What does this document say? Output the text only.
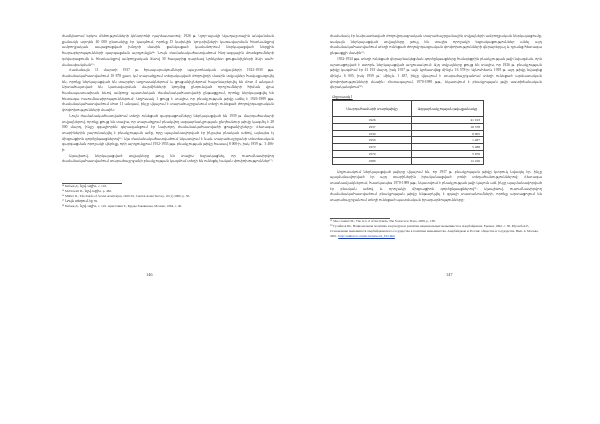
ժամկետում երկու մեծությունների կենտրոնի դարձատառով։ 1926 թ. Կլոր-​այակի Ալադաշտային անվանման քանակն արդեն 40 000 ընտանիք էր կազմում, որոնք D նախկին կո-​լտիվների կառավարման հետևանքով ամբողջական ապացուցված խնդրի մասին ցանկացած կամանորում ներկայացված ներքին հարաբերությունների զարգացման արդյունքն¹⁴։ Նույն ժամանակահատվածում հնդ-ազգային մոտեցումների դժվարացումն և հետևանքով ամբողջական ձևով 30 հազարից դարձավ կոնկրետ ցուցանիշների ձևի սահ-​մանափակման¹⁵։

Համաձայն 11 մարտի 1937 թ. հրապարակումների պաշտոնական տվյալների 1922-1930 թթ. ժամանակահատվածում 10 878 քառ. կմ տարածքում տեղակայված ժողովրդի մասին տվյալներ հավաքագրվել են, որոնք ներկայացված են տարբեր աղյուսակներում և ցուցանիշներում հայտնաբերվել են մոտ 4 անգամ։ Արտահայտված են կառավարման մարմինների կողմից ընդունված որոշումների հիման վրա համապատասխան ձևով ամբողջ պատմական ժամանակահատվածի ընթացքում, որոնք ներկայացվել են հետագա ուսումնասիրություններում։ Աղյուսակ 1 ցույց է տալիս, որ բնակչության թիվը աճել է 1926-1989 թթ. ժամանակահատվածում մոտ 11 անգամ, ինչը վկայում է տարածաշրջանում տեղի ունեցած ժողովրդագրական փոփոխությունների մասին։

Նույն ժամանակահատվածում տեղի ունեցած զարգացումները ներկայացված են 1939 թ. մարդահամարի տվյալներով, որոնք ցույց են տալիս, որ տարածքում բնակվող ազգաբնակչության ընդհանուր թիվը կազմել է 28 000 մարդ, ինչը զգալիորեն գերազանցում էր նախորդ ժամանակահատվածի ցուցանիշները։ Հետագա տարիներին շարունակվել է բնակչության աճը, որը պայմանավորված էր ինչպես բնական աճով, այնպես էլ միգրացիոն գործընթացներով¹⁶։ Այս ժամանակահատվածում նկատվում է նաև տարածաշրջանի տնտեսական զարգացման որոշակի վերելք, որի արդյունքում 1952-1953 թթ. բնակչության թիվը հասավ 8 000-ի, իսկ 1959 թ.՝ 5 486-ի։

Այսպիսով, ներկայացված տվյալները թույլ են տալիս եզրակացնել, որ ուսումնասիրվող ժամանակահատվածում տարածաշրջանի բնակչության կազմում տեղի են ունեցել էական փոփոխություններ¹⁷։

¹⁴ Бабаев Д., նշվ. աշխ., с. 116.

¹⁵ McDowall D., նշվ. աշխ., p. 482.

¹⁶ Müller D., The Kurds of Soviet Azerbaijan, 1920-91, Central Asian Survey, 19 (1) 2000, p. 50.

¹⁷ Նույն տեղում, էջ 59.

¹⁸ Бабаев Д., նշվ. աշխ., с. 116. Ариставия Т., Курды Закавказья, Москва, 1964, с. 40.

146

ժամանակ էր նախատեսված ժողովրդագրական տարածաշրջանային տվյալների ամբողջական ներկայացումը, սակայն ներկայացված տվյալները թույլ են տալիս որոշակի եզրակացություններ անել այդ ժամանակահատվածում տեղի ունեցած ժողովրդագրական փոփոխությունների վերաբերյալ և դրանց հետագա ընթացքի մասին¹⁹։

1932-1934 թթ. տեղի ունեցած վերաբնակեցման գործընթացները հանգեցրին բնակչության թվի նվազման, որն արտացոլված է ստորև ներկայացված աղյուսակում։ Այդ տվյալները ցույց են տալիս, որ 1926 թ. բնակչության թիվը կազմում էր 41 193 մարդ, իսկ 1937 թ. այն կրճատվեց մինչև 16 578-ի։ Այնուհետև 1939 թ. այդ թիվը նվազեց մինչև 6 005, իսկ 1959 թ.՝ մինչև 1 487, ինչը վկայում է տարածաշրջանում տեղի ունեցած արմատական փոփոխությունների մասին։ Հետագայում, 1970-1989 թթ., նկատվում է բնակչության թվի աստիճանական վերականգնում²⁰։

Աղյուսակ 1

Մարդահամարի տարեթիվը	Ազգաբնակչության թվաքանակը
1926	41 193
1937	16 578
1939	6 005
1959	1 487
1970	5 488
1979	5 676
1989	12 226

Աղյուսակում ներկայացված թվերը վկայում են, որ 1937 թ. բնակչության թիվը կտրուկ նվազել էր, ինչը պայմանավորված էր այդ տարիներին իրականացված բռնի տեղահանություններով։ Հետագա տասնամյակներում, հատկապես 1970-1989 թթ., նկատվում է բնակչության թվի կայուն աճ, ինչը պայմանավորված էր բնական աճով և որոշակի միգրացիոն գործընթացներով²¹։ Այսպիսով, ուսումնասիրվող ժամանակահատվածում բնակչության թիվը ենթարկվել է զգալի տատանումների, որոնք արտացոլում են տարածաշրջանում տեղի ունեցած պատմական իրադարձությունները։

¹⁹ Shoo Gunter M., The A to Z of the Kurds, The Scarecrow Press, 2009, p. 138.

²⁰ Гусейнов Ш., Национальная политика и культурное развитие национальных меньшинств в Азербайджане, Ереван, 1992, с. 36. Мусаебов Р., Становление меньшинств азербайджанского государства в политике меньшинства. Азербайджан и Россия: общества и государства, Вып. 4, Москва, 2001. http://sakharov-center.ru/azrus/az_012.htm

147
